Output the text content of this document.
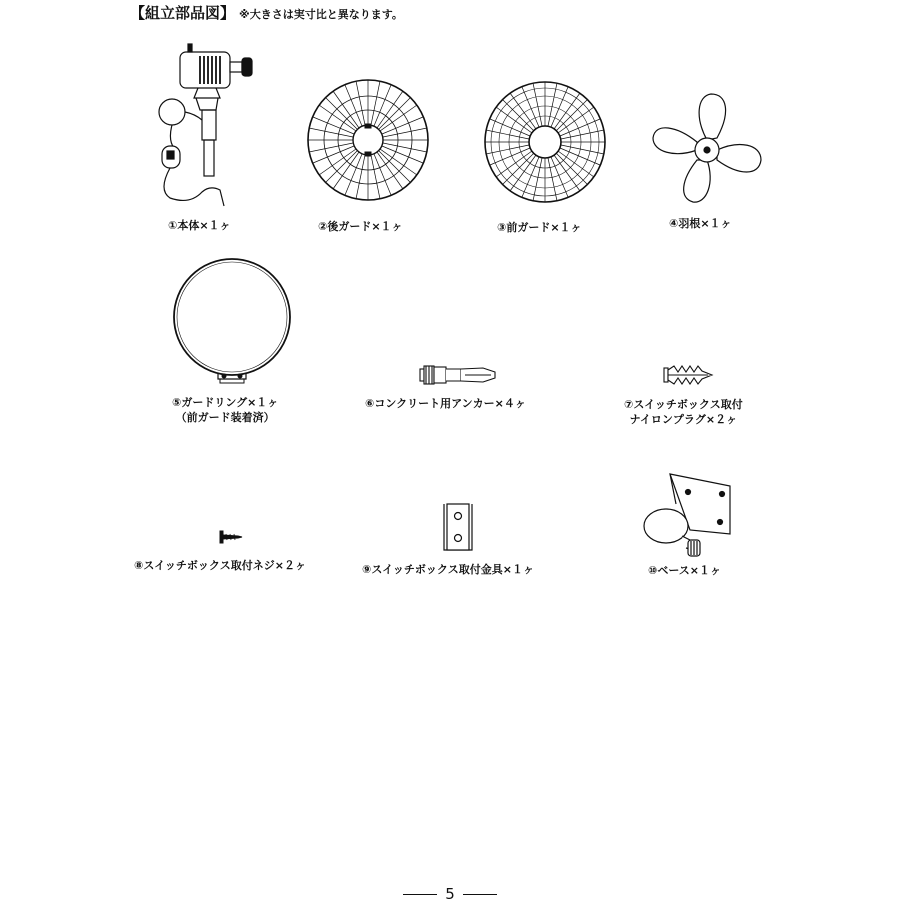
【組立部品図】 ※大きさは実寸比と異なります。
①本体×１ヶ	②後ガード×１ヶ	③前ガード×１ヶ	④羽根×１ヶ
⑤ガードリング×１ヶ
（前ガード装着済）
⑥コンクリート用アンカー×４ヶ	⑦スイッチボックス取付
ナイロンプラグ×２ヶ
⑧スイッチボックス取付ネジ×２ヶ	⑨スイッチボックス取付金具×１ヶ	⑩ベース×１ヶ
5
